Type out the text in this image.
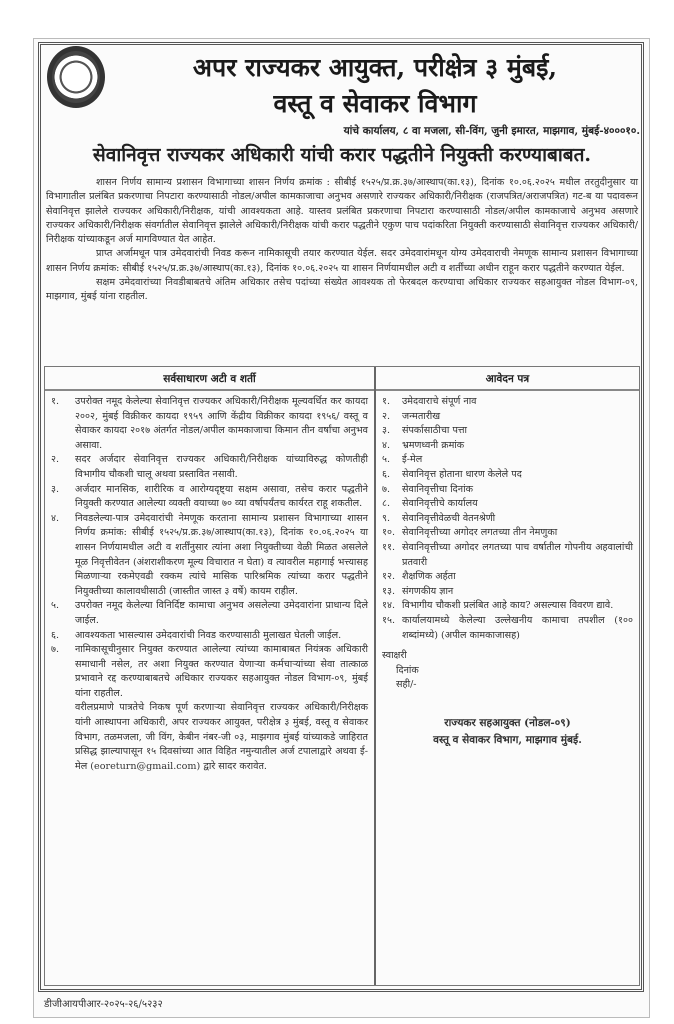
अपर राज्यकर आयुक्त, परीक्षेत्र ३ मुंबई,
वस्तू व सेवाकर विभाग
यांचे कार्यालय, ८ वा मजला, सी-विंग, जुनी इमारत, माझगाव, मुंबई-४०००१०.
सेवानिवृत्त राज्यकर अधिकारी यांची करार पद्धतीने नियुक्ती करण्याबाबत.

शासन निर्णय सामान्य प्रशासन विभागाच्या शासन निर्णय क्रमांक : सीबीई १५२५/प्र.क्र.३७/आस्थाप(का.१३), दिनांक १०.०६.२०२५ मधील तरतुदीनुसार या विभागातील प्रलंबित प्रकरणाचा निपटारा करण्यासाठी नोडल/अपील कामकाजाचा अनुभव असणारे राज्यकर अधिकारी/निरीक्षक (राजपत्रित/अराजपत्रित) गट-ब या पदावरून सेवानिवृत्त झालेले राज्यकर अधिकारी/निरीक्षक, यांची आवश्यकता आहे. यास्तव प्रलंबित प्रकरणाचा निपटारा करण्यासाठी नोडल/अपील कामकाजाचे अनुभव असणारे राज्यकर अधिकारी/निरीक्षक संवर्गातील सेवानिवृत्त झालेले अधिकारी/निरीक्षक यांची करार पद्धतीने एकुण पाच पदांकरिता नियुक्ती करण्यासाठी सेवानिवृत्त राज्यकर अधिकारी/निरीक्षक यांच्याकडून अर्ज मागविण्यात येत आहेत.

प्राप्त अर्जामधून पात्र उमेदवारांची निवड करून नामिकासूची तयार करण्यात येईल. सदर उमेदवारांमधून योग्य उमेदवाराची नेमणूक सामान्य प्रशासन विभागाच्या शासन निर्णय क्रमांक: सीबीई १५२५/प्र.क्र.३७/आस्थाप(का.१३), दिनांक १०.०६.२०२५ या शासन निर्णयामधील अटी व शर्तींच्या अधीन राहून करार पद्धतीने करण्यात येईल.

सक्षम उमेदवारांच्या निवडीबाबतचे अंतिम अधिकार तसेच पदांच्या संख्येत आवश्यक तो फेरबदल करण्याचा अधिकार राज्यकर सहआयुक्त नोडल विभाग-०९, माझगाव, मुंबई यांना राहतील.

सर्वसाधारण अटी व शर्ती
१.	उपरोक्त नमूद केलेल्या सेवानिवृत्त राज्यकर अधिकारी/निरीक्षक मूल्यवर्धित कर कायदा २००२, मुंबई विक्रीकर कायदा १९५९ आणि केंद्रीय विक्रीकर कायदा १९५६/ वस्तू व सेवाकर कायदा २०१७ अंतर्गत नोडल/अपील कामकाजाचा किमान तीन वर्षांचा अनुभव असावा.
२.	सदर अर्जदार सेवानिवृत्त राज्यकर अधिकारी/निरीक्षक यांच्याविरुद्ध कोणतीही विभागीय चौकशी चालू अथवा प्रस्तावित नसावी.
३.	अर्जदार मानसिक, शारीरिक व आरोग्यदृष्ट्या सक्षम असावा, तसेच करार पद्धतीने नियुक्ती करण्यात आलेल्या व्यक्ती वयाच्या ७० व्या वर्षापर्यंतच कार्यरत राहू शकतील.
४.	निवडलेल्या-पात्र उमेदवारांची नेमणूक करताना सामान्य प्रशासन विभागाच्या शासन निर्णय क्रमांक: सीबीई १५२५/प्र.क्र.३७/आस्थाप(का.१३), दिनांक १०.०६.२०२५ या शासन निर्णयामधील अटी व शर्तींनुसार त्यांना अशा नियुक्तीच्या वेळी मिळत असलेले मूळ निवृत्तीवेतन (अंशराशीकरण मूल्य विचारात न घेता) व त्यावरील महागाई भत्त्यासह मिळणाऱ्या रकमेएवढी रक्कम त्यांचे मासिक पारिश्रमिक त्यांच्या करार पद्धतीने नियुक्तीच्या कालावधीसाठी (जास्तीत जास्त ३ वर्षे) कायम राहील.
५.	उपरोक्त नमूद केलेल्या विनिर्दिष्ट कामाचा अनुभव असलेल्या उमेदवारांना प्राधान्य दिले जाईल.
६.	आवश्यकता भासल्यास उमेदवारांची निवड करण्यासाठी मुलाखत घेतली जाईल.
७.	नामिकासूचीनुसार नियुक्त करण्यात आलेल्या त्यांच्या कामाबाबत नियंत्रक अधिकारी समाधानी नसेल, तर अशा नियुक्त करण्यात येणाऱ्या कर्मचाऱ्यांच्या सेवा तात्काळ प्रभावाने रद्द करण्याबाबतचे अधिकार राज्यकर सहआयुक्त नोडल विभाग-०९, मुंबई यांना राहतील.
वरीलप्रमाणे पात्रतेचे निकष पूर्ण करणाऱ्या सेवानिवृत्त राज्यकर अधिकारी/निरीक्षक यांनी आस्थापना अधिकारी, अपर राज्यकर आयुक्त, परीक्षेत्र ३ मुंबई, वस्तू व सेवाकर विभाग, तळमजला, जी विंग, केबीन नंबर-जी ०३, माझगाव मुंबई यांच्याकडे जाहिरात प्रसिद्ध झाल्यापासून १५ दिवसांच्या आत विहित नमुन्यातील अर्ज टपालाद्वारे अथवा ई-मेल (eoreturn@gmail.com) द्वारे सादर करावेत.
आवेदन पत्र
१.	उमेदवाराचे संपूर्ण नाव
२.	जन्मतारीख
३.	संपर्कासाठीचा पत्ता
४.	भ्रमणध्वनी क्रमांक
५.	ई-मेल
६.	सेवानिवृत्त होताना धारण केलेले पद
७.	सेवानिवृत्तीचा दिनांक
८.	सेवानिवृत्तीचे कार्यालय
९.	सेवानिवृत्तीवेळची वेतनश्रेणी
१०. सेवानिवृत्तीच्या अगोदर लगतच्या तीन नेमणुका
११. सेवानिवृत्तीच्या अगोदर लगतच्या पाच वर्षातील गोपनीय अहवालांची प्रतवारी
१२. शैक्षणिक अर्हता
१३. संगणकीय ज्ञान
१४. विभागीय चौकशी प्रलंबित आहे काय? असल्यास विवरण द्यावे.
१५. कार्यालयामध्ये केलेल्या उल्लेखनीय कामाचा तपशील (१०० शब्दांमध्ये) (अपील कामकाजासह)
स्वाक्षरी
दिनांक
सही/-
राज्यकर सहआयुक्त (नोडल-०९)
वस्तू व सेवाकर विभाग, माझगाव मुंबई.
डीजीआयपीआर-२०२५-२६/५२३२
